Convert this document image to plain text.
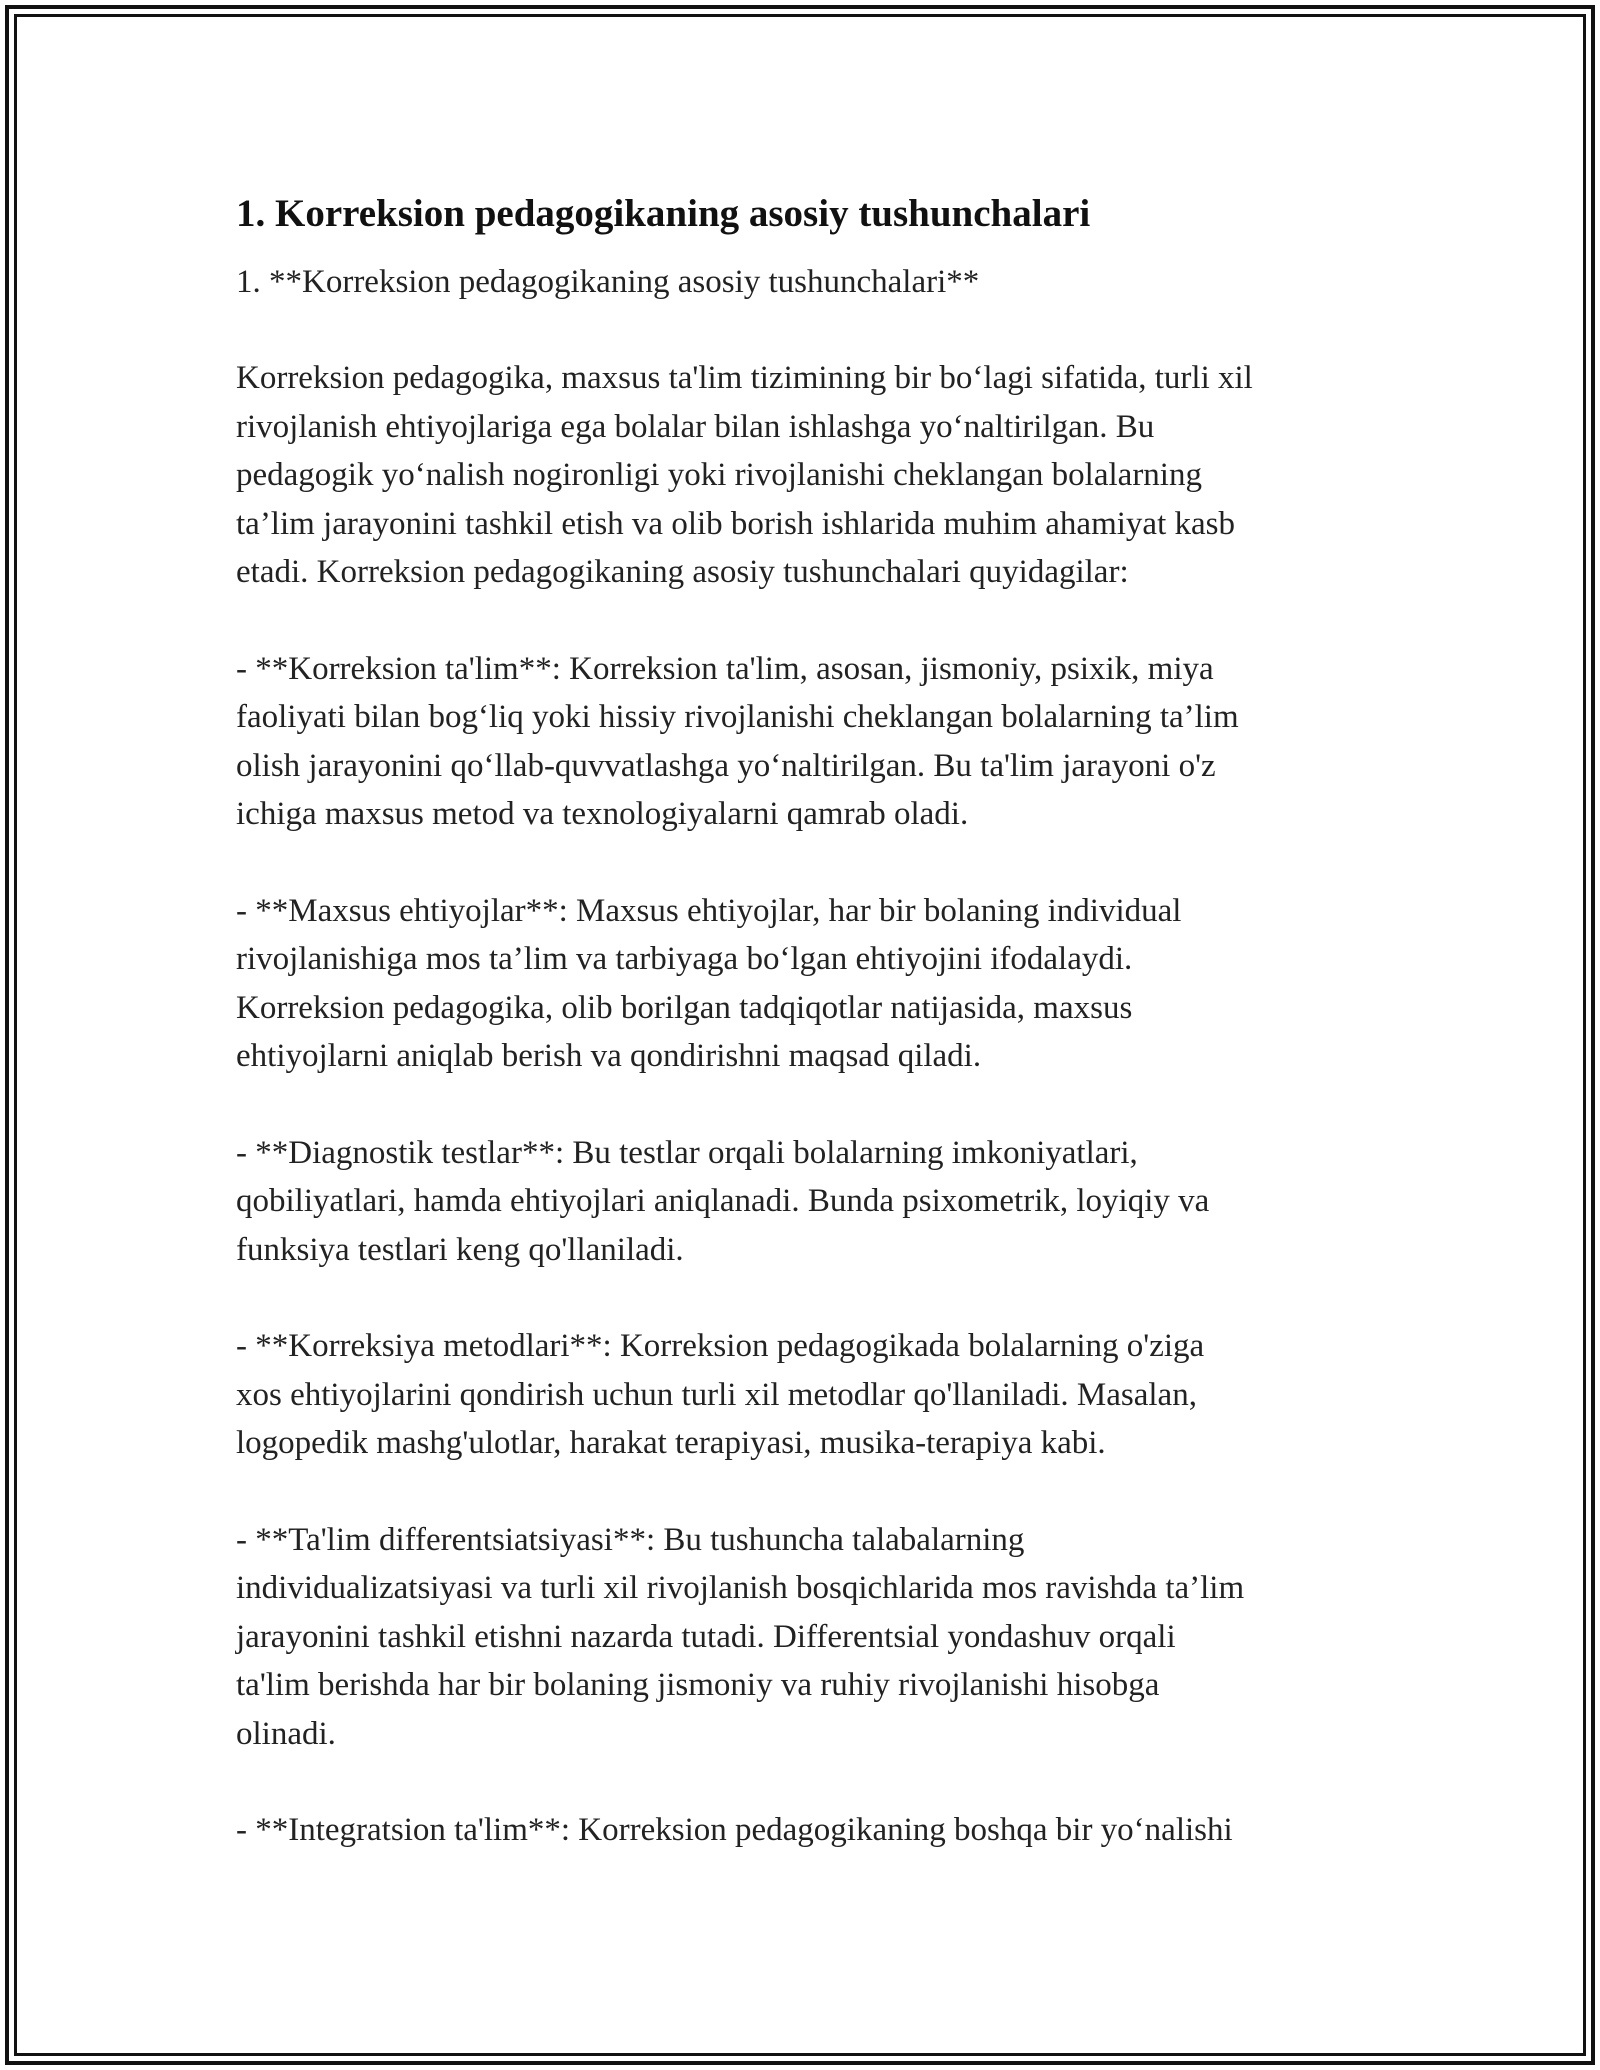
1. Korreksion pedagogikaning asosiy tushunchalari

1. **Korreksion pedagogikaning asosiy tushunchalari**

Korreksion pedagogika, maxsus ta'lim tizimining bir bo‘lagi sifatida, turli xil
rivojlanish ehtiyojlariga ega bolalar bilan ishlashga yo‘naltirilgan. Bu
pedagogik yo‘nalish nogironligi yoki rivojlanishi cheklangan bolalarning
ta’lim jarayonini tashkil etish va olib borish ishlarida muhim ahamiyat kasb
etadi. Korreksion pedagogikaning asosiy tushunchalari quyidagilar:

- **Korreksion ta'lim**: Korreksion ta'lim, asosan, jismoniy, psixik, miya
faoliyati bilan bog‘liq yoki hissiy rivojlanishi cheklangan bolalarning ta’lim
olish jarayonini qo‘llab-quvvatlashga yo‘naltirilgan. Bu ta'lim jarayoni o'z
ichiga maxsus metod va texnologiyalarni qamrab oladi.

- **Maxsus ehtiyojlar**: Maxsus ehtiyojlar, har bir bolaning individual
rivojlanishiga mos ta’lim va tarbiyaga bo‘lgan ehtiyojini ifodalaydi.
Korreksion pedagogika, olib borilgan tadqiqotlar natijasida, maxsus
ehtiyojlarni aniqlab berish va qondirishni maqsad qiladi.

- **Diagnostik testlar**: Bu testlar orqali bolalarning imkoniyatlari,
qobiliyatlari, hamda ehtiyojlari aniqlanadi. Bunda psixometrik, loyiqiy va
funksiya testlari keng qo'llaniladi.

- **Korreksiya metodlari**: Korreksion pedagogikada bolalarning o'ziga
xos ehtiyojlarini qondirish uchun turli xil metodlar qo'llaniladi. Masalan,
logopedik mashg'ulotlar, harakat terapiyasi, musika-terapiya kabi.

- **Ta'lim differentsiatsiyasi**: Bu tushuncha talabalarning
individualizatsiyasi va turli xil rivojlanish bosqichlarida mos ravishda ta’lim
jarayonini tashkil etishni nazarda tutadi. Differentsial yondashuv orqali
ta'lim berishda har bir bolaning jismoniy va ruhiy rivojlanishi hisobga
olinadi.

- **Integratsion ta'lim**: Korreksion pedagogikaning boshqa bir yo‘nalishi
